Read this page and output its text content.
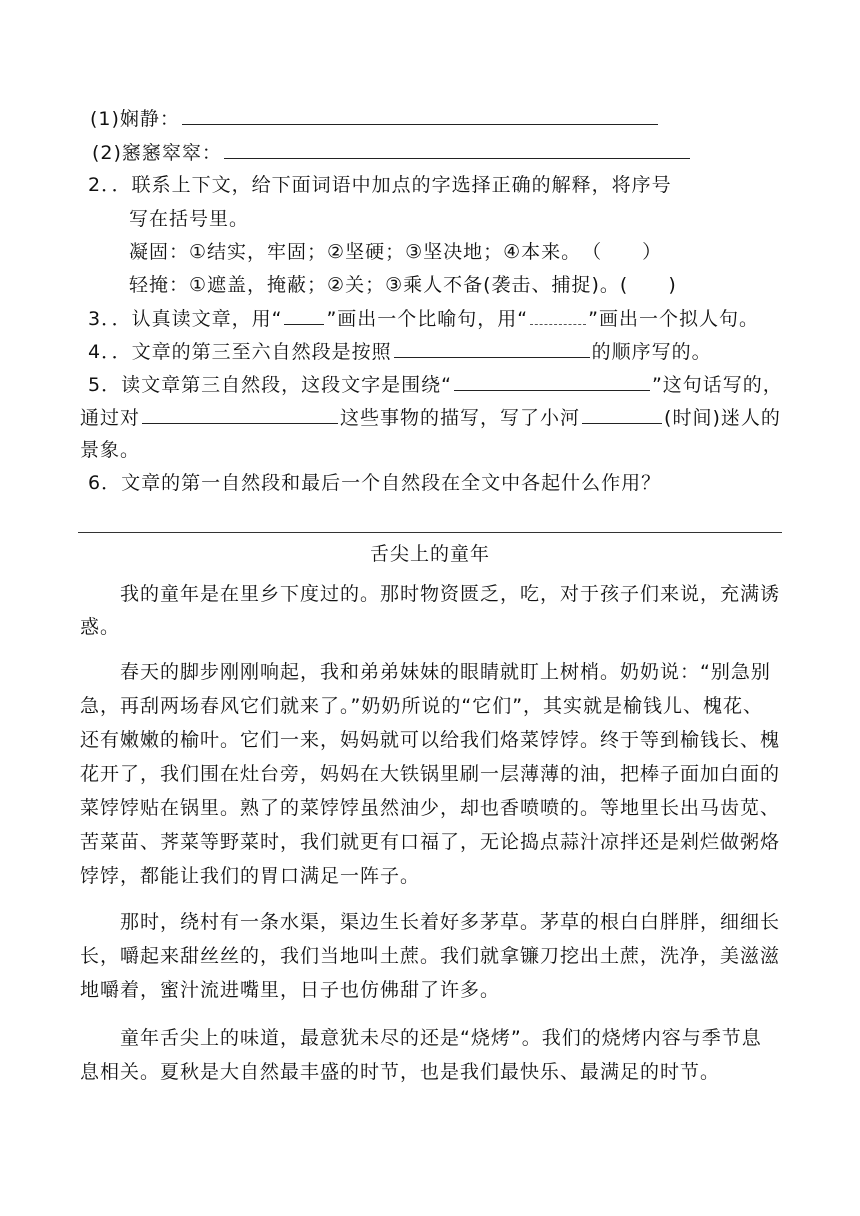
(1)娴静：
(2)窸窸窣窣：
2．．联系上下文，给下面词语中加点的字选择正确的解释，将序号
写在括号里。
凝固：①结实，牢固；②坚硬；③坚决地；④本来。　（　　）
轻掩：①遮盖，掩蔽；②关；③乘人不备(袭击、捕捉)。(　　)
3．．认真读文章，用“ ”画出一个比喻句，用“	”画出一个拟人句。
4．．文章的第三至六自然段是按照	的顺序写的。
5．读文章第三自然段，这段文字是围绕“	”这句话写的，
通过对	这些事物的描写，写了小河	(时间)迷人的
景象。
6．文章的第一自然段和最后一个自然段在全文中各起什么作用？
舌尖上的童年
我的童年是在里乡下度过的。那时物资匮乏，吃，对于孩子们来说，充满诱
惑。
春天的脚步刚刚响起，我和弟弟妹妹的眼睛就盯上树梢。奶奶说：“别急别
急，再刮两场春风它们就来了。”奶奶所说的“它们”，其实就是榆钱儿、槐花、
还有嫩嫩的榆叶。它们一来，妈妈就可以给我们烙菜饽饽。终于等到榆钱长、槐
花开了，我们围在灶台旁，妈妈在大铁锅里刷一层薄薄的油，把棒子面加白面的
菜饽饽贴在锅里。熟了的菜饽饽虽然油少，却也香喷喷的。等地里长出马齿苋、
苦菜苗、荠菜等野菜时，我们就更有口福了，无论捣点蒜汁凉拌还是剁烂做粥烙
饽饽，都能让我们的胃口满足一阵子。
那时，绕村有一条水渠，渠边生长着好多茅草。茅草的根白白胖胖，细细长
长，嚼起来甜丝丝的，我们当地叫土蔗。我们就拿镰刀挖出土蔗，洗净，美滋滋
地嚼着，蜜汁流进嘴里，日子也仿佛甜了许多。
童年舌尖上的味道，最意犹未尽的还是“烧烤”。我们的烧烤内容与季节息
息相关。夏秋是大自然最丰盛的时节，也是我们最快乐、最满足的时节。
